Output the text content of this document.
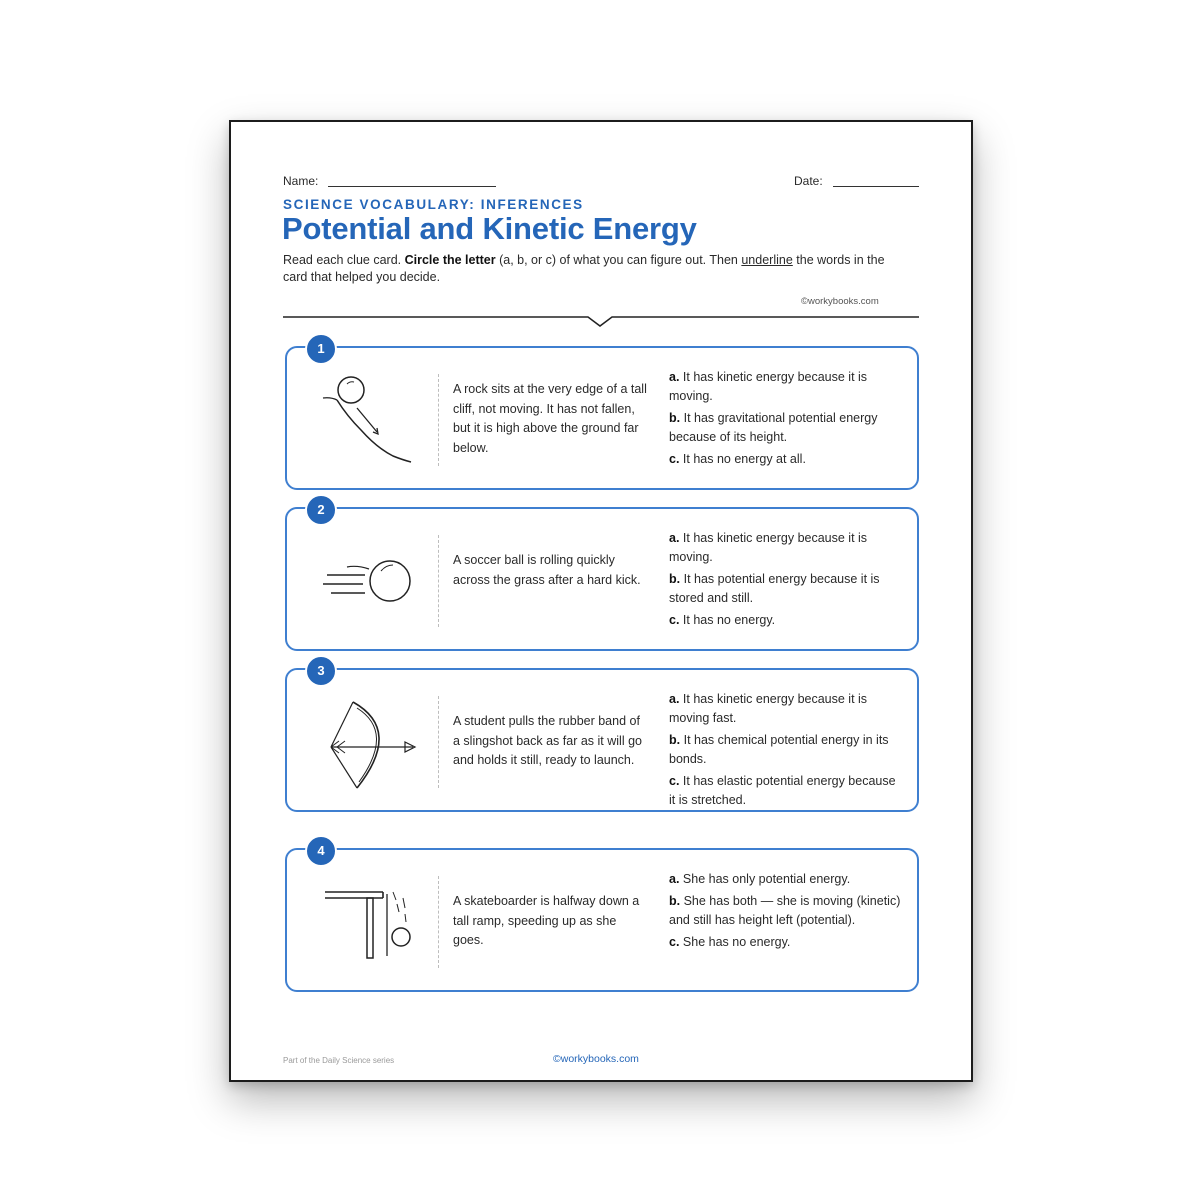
Name:	Date:
SCIENCE VOCABULARY: INFERENCES
Potential and Kinetic Energy
Read each clue card. Circle the letter (a, b, or c) of what you can figure out. Then underline the words in the card that helped you decide.
©workybooks.com
1
A rock sits at the very edge of a tall cliff, not moving. It has not fallen, but it is high above the ground far below.
a. It has kinetic energy because it is moving.
b. It has gravitational potential energy because of its height.
c. It has no energy at all.
2
A soccer ball is rolling quickly across the grass after a hard kick.
a. It has kinetic energy because it is moving.
b. It has potential energy because it is stored and still.
c. It has no energy.
3
A student pulls the rubber band of a slingshot back as far as it will go and holds it still, ready to launch.
a. It has kinetic energy because it is moving fast.
b. It has chemical potential energy in its bonds.
c. It has elastic potential energy because it is stretched.
4
A skateboarder is halfway down a tall ramp, speeding up as she goes.
a. She has only potential energy.
b. She has both — she is moving (kinetic) and still has height left (potential).
c. She has no energy.
Part of the Daily Science series	©workybooks.com
